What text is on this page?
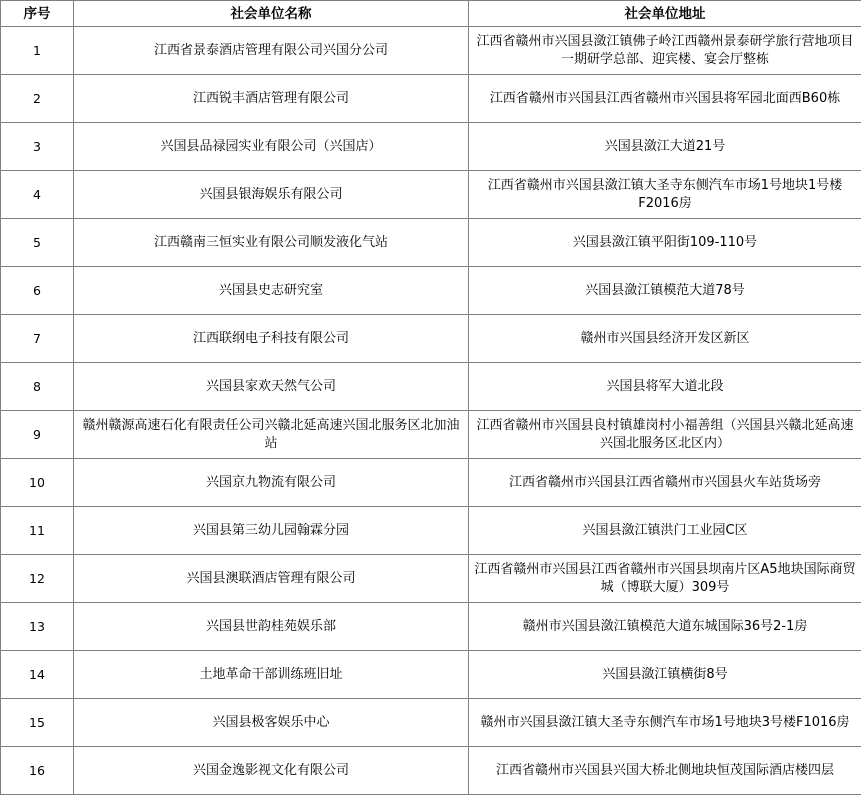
序号	社会单位名称	社会单位地址
1	江西省景泰酒店管理有限公司兴国分公司	江西省赣州市兴国县潋江镇佛子岭江西赣州景泰研学旅行营地项目一期研学总部、迎宾楼、宴会厅整栋
2	江西锐丰酒店管理有限公司	江西省赣州市兴国县江西省赣州市兴国县将军园北面西B60栋
3	兴国县品禄园实业有限公司（兴国店）	兴国县潋江大道21号
4	兴国县银海娱乐有限公司	江西省赣州市兴国县潋江镇大圣寺东侧汽车市场1号地块1号楼F2016房
5	江西赣南三恒实业有限公司顺发液化气站	兴国县潋江镇平阳街109-110号
6	兴国县史志研究室	兴国县潋江镇模范大道78号
7	江西联纲电子科技有限公司	赣州市兴国县经济开发区新区
8	兴国县家欢天然气公司	兴国县将军大道北段
9	赣州赣源高速石化有限责任公司兴赣北延高速兴国北服务区北加油站	江西省赣州市兴国县良村镇雄岗村小福善组（兴国县兴赣北延高速兴国北服务区北区内）
10	兴国京九物流有限公司	江西省赣州市兴国县江西省赣州市兴国县火车站货场旁
11	兴国县第三幼儿园翰霖分园	兴国县潋江镇洪门工业园C区
12	兴国县澳联酒店管理有限公司	江西省赣州市兴国县江西省赣州市兴国县坝南片区A5地块国际商贸城（博联大厦）309号
13	兴国县世韵桂苑娱乐部	赣州市兴国县潋江镇模范大道东城国际36号2-1房
14	土地革命干部训练班旧址	兴国县潋江镇横街8号
15	兴国县极客娱乐中心	赣州市兴国县潋江镇大圣寺东侧汽车市场1号地块3号楼F1016房
16	兴国金逸影视文化有限公司	江西省赣州市兴国县兴国大桥北侧地块恒茂国际酒店楼四层
